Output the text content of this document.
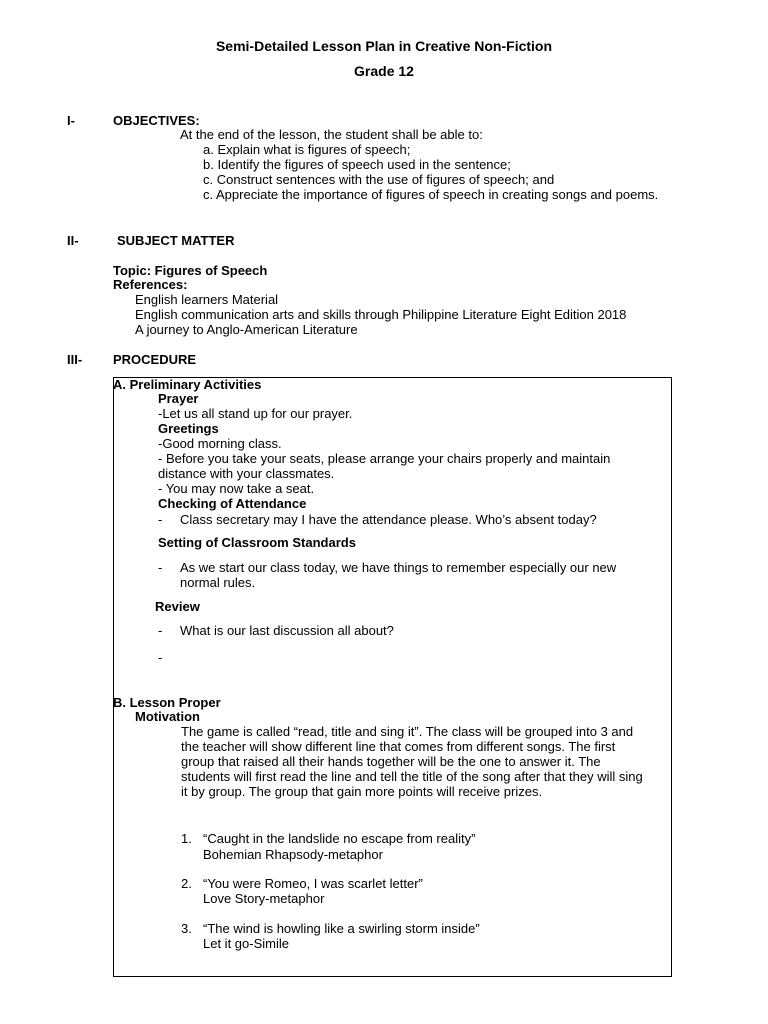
Semi-Detailed Lesson Plan in Creative Non-Fiction
Grade 12
I-	OBJECTIVES:
At the end of the lesson, the student shall be able to:
a. Explain what is figures of speech;
b. Identify the figures of speech used in the sentence;
c. Construct sentences with the use of figures of speech; and
c. Appreciate the importance of figures of speech in creating songs and poems.
II-	SUBJECT MATTER
Topic: Figures of Speech
References:
English learners Material
English communication arts and skills through Philippine Literature Eight Edition 2018
A journey to Anglo-American Literature
III- PROCEDURE
A. Preliminary Activities
Prayer
-Let us all stand up for our prayer.
Greetings
-Good morning class.
- Before you take your seats, please arrange your chairs properly and maintain
distance with your classmates.
- You may now take a seat.
Checking of Attendance
- Class secretary may I have the attendance please. Who’s absent today?
Setting of Classroom Standards
- As we start our class today, we have things to remember especially our new
normal rules.
Review
- What is our last discussion all about?
-
B. Lesson Proper
Motivation
The game is called “read, title and sing it”. The class will be grouped into 3 and
the teacher will show different line that comes from different songs. The first
group that raised all their hands together will be the one to answer it. The
students will first read the line and tell the title of the song after that they will sing
it by group. The group that gain more points will receive prizes.
1. “Caught in the landslide no escape from reality”
Bohemian Rhapsody-metaphor
2. “You were Romeo, I was scarlet letter”
Love Story-metaphor
3. “The wind is howling like a swirling storm inside”
Let it go-Simile
